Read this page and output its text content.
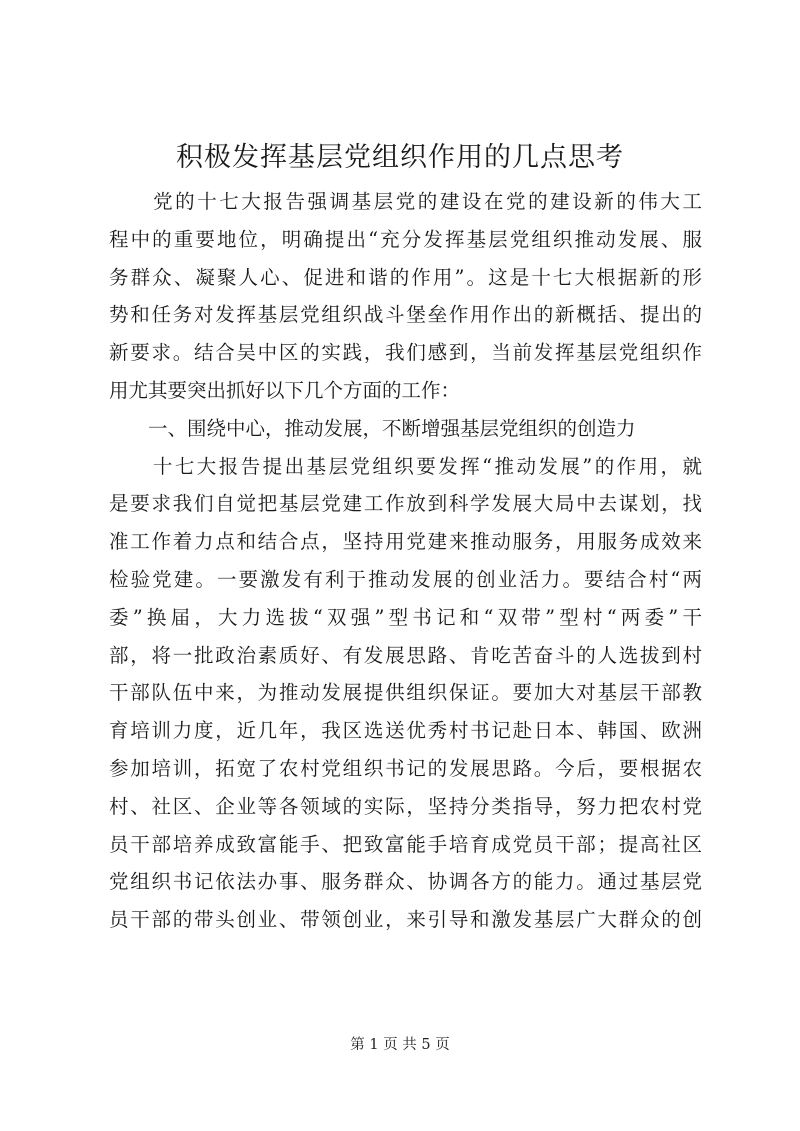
积极发挥基层党组织作用的几点思考
　　党的十七大报告强调基层党的建设在党的建设新的伟大工
程中的重要地位，明确提出“充分发挥基层党组织推动发展、服
务群众、凝聚人心、促进和谐的作用”。这是十七大根据新的形
势和任务对发挥基层党组织战斗堡垒作用作出的新概括、提出的
新要求。结合吴中区的实践，我们感到，当前发挥基层党组织作
用尤其要突出抓好以下几个方面的工作：
　　一、围绕中心，推动发展，不断增强基层党组织的创造力
　　十七大报告提出基层党组织要发挥“推动发展”的作用，就
是要求我们自觉把基层党建工作放到科学发展大局中去谋划，找
准工作着力点和结合点，坚持用党建来推动服务，用服务成效来
检验党建。一要激发有利于推动发展的创业活力。要结合村“两
委”换届，大力选拔“双强”型书记和“双带”型村“两委”干
部，将一批政治素质好、有发展思路、肯吃苦奋斗的人选拔到村
干部队伍中来，为推动发展提供组织保证。要加大对基层干部教
育培训力度，近几年，我区选送优秀村书记赴日本、韩国、欧洲
参加培训，拓宽了农村党组织书记的发展思路。今后，要根据农
村、社区、企业等各领域的实际，坚持分类指导，努力把农村党
员干部培养成致富能手、把致富能手培育成党员干部；提高社区
党组织书记依法办事、服务群众、协调各方的能力。通过基层党
员干部的带头创业、带领创业，来引导和激发基层广大群众的创
第 1 页 共 5 页
